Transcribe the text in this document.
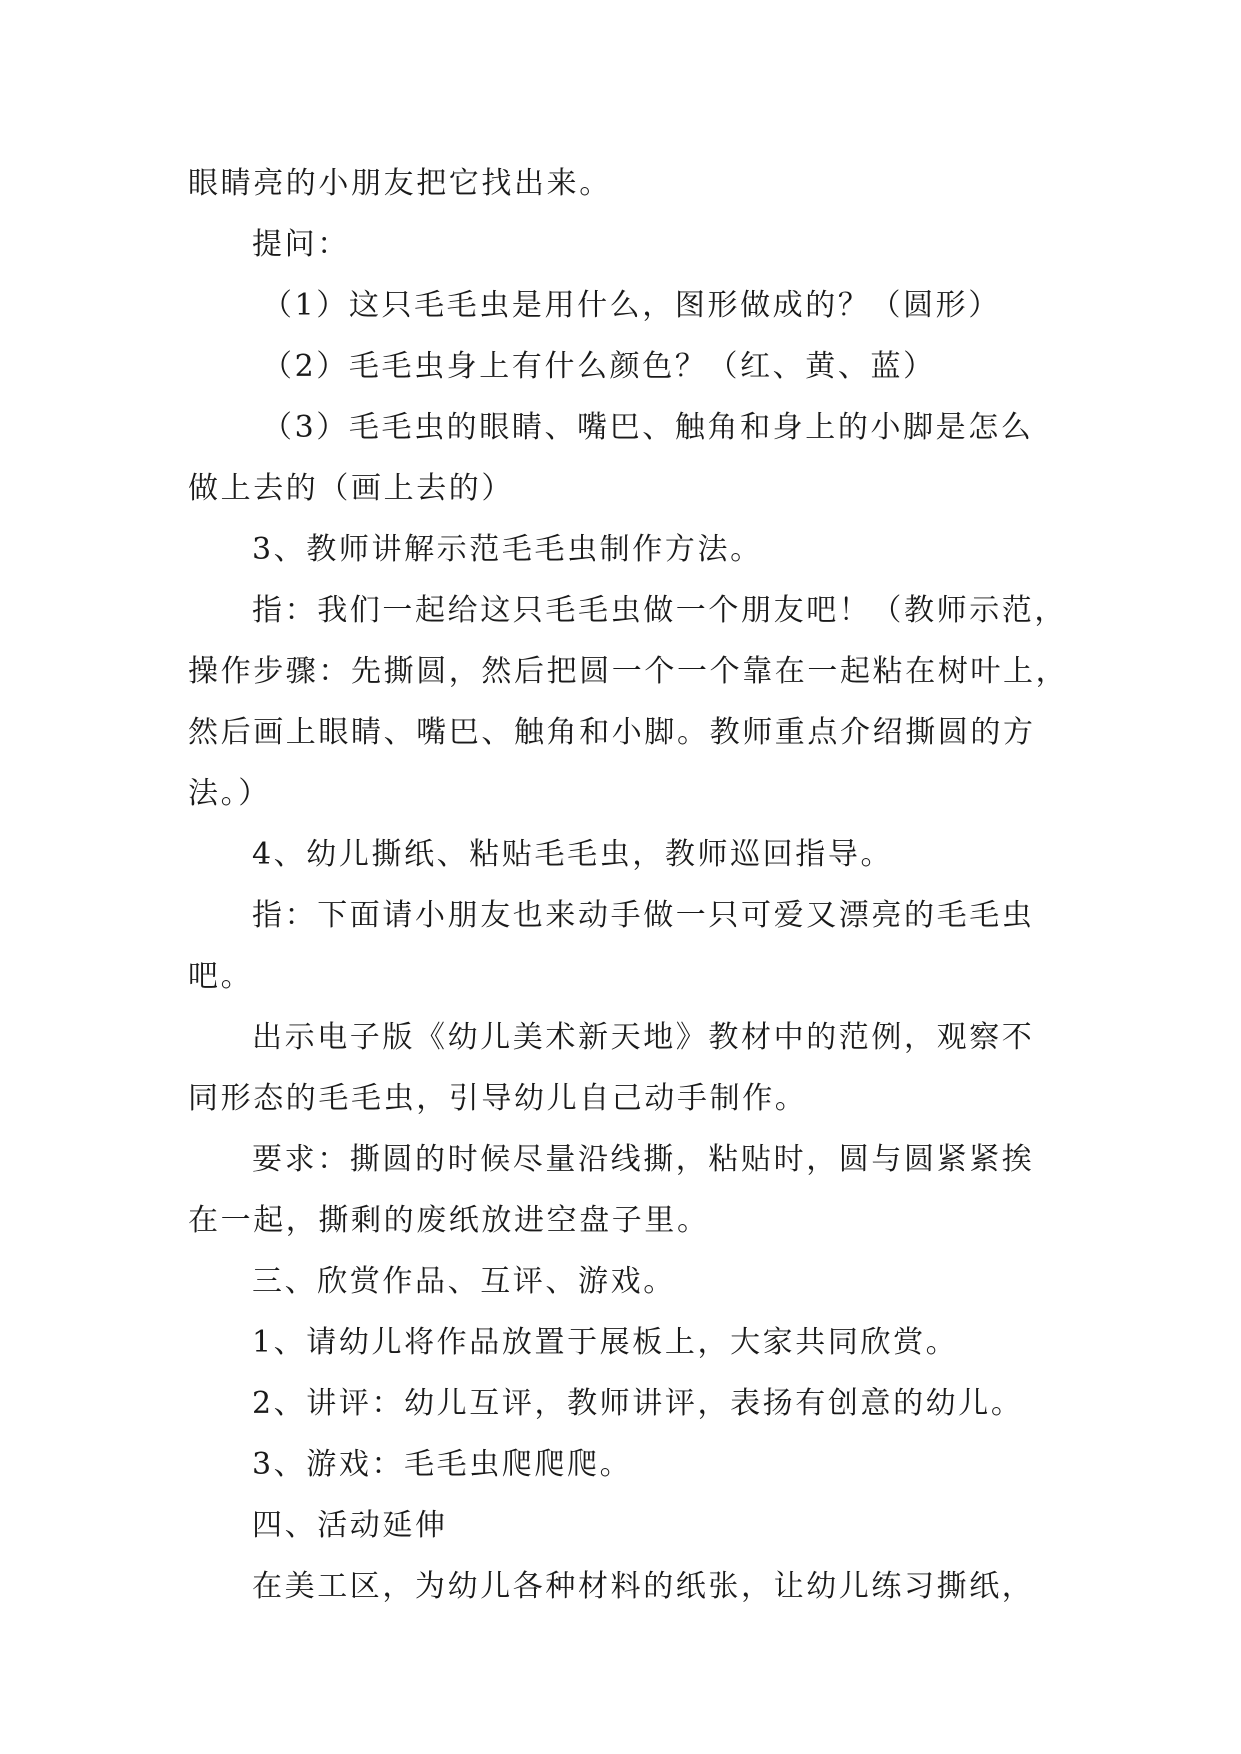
眼睛亮的小朋友把它找出来。
提问：
（1）这只毛毛虫是用什么，图形做成的？（圆形）
（2）毛毛虫身上有什么颜色？（红、黄、蓝）
（3）毛毛虫的眼睛、嘴巴、触角和身上的小脚是怎么
做上去的（画上去的）
3、教师讲解示范毛毛虫制作方法。
指：我们一起给这只毛毛虫做一个朋友吧！（教师示范，
操作步骤：先撕圆，然后把圆一个一个靠在一起粘在树叶上，
然后画上眼睛、嘴巴、触角和小脚。教师重点介绍撕圆的方
法。）
4、幼儿撕纸、粘贴毛毛虫，教师巡回指导。
指：下面请小朋友也来动手做一只可爱又漂亮的毛毛虫
吧。
出示电子版《幼儿美术新天地》教材中的范例，观察不
同形态的毛毛虫，引导幼儿自己动手制作。
要求：撕圆的时候尽量沿线撕，粘贴时，圆与圆紧紧挨
在一起，撕剩的废纸放进空盘子里。
三、欣赏作品、互评、游戏。
1、请幼儿将作品放置于展板上，大家共同欣赏。
2、讲评：幼儿互评，教师讲评，表扬有创意的幼儿。
3、游戏：毛毛虫爬爬爬。
四、活动延伸
在美工区，为幼儿各种材料的纸张，让幼儿练习撕纸，
